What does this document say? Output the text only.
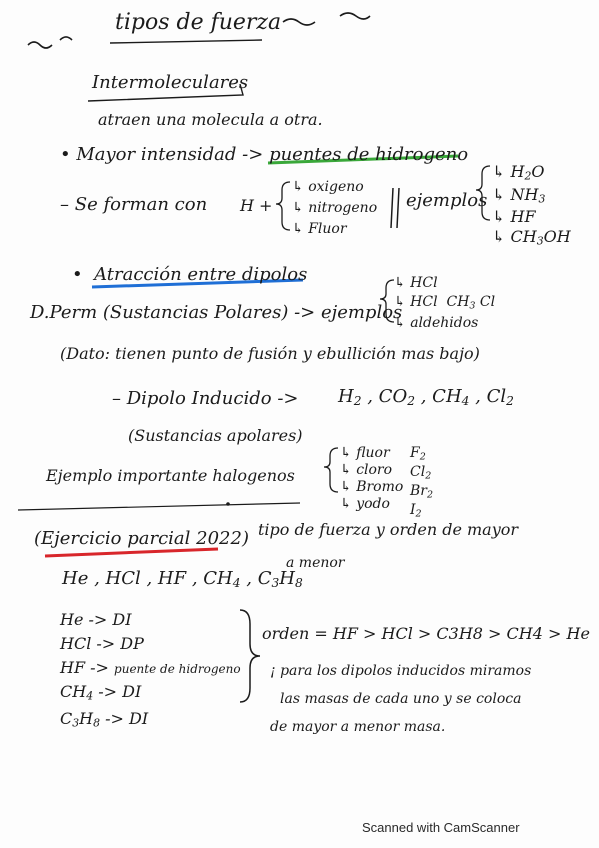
tipos de fuerza
Intermoleculares
atraen una molecula a otra.
• Mayor intensidad -> puentes de hidrogeno
– Se forman con H +
↳ oxigeno
↳ nitrogeno
↳ Fluor
ejemplos
↳ $H_2O$
↳ $NH_3$
↳ HF
↳ $CH_3OH$
•  Atracción entre dipolos
D.Perm (Sustancias Polares) -> ejemplos
↳ HCl
↳ HCl  $CH_3$ Cl
↳ aldehidos
(Dato: tienen punto de fusión y ebullición mas bajo)
– Dipolo Inducido -> $H_2$ , $CO_2$ , $CH_4$ , $Cl_2$
(Sustancias apolares)
Ejemplo importante halogenos
↳ fluor
↳ cloro
↳ Bromo
↳ yodo
$F_2$
$Cl_2$
$Br_2$
$I_2$
(Ejercicio parcial 2022) tipo de fuerza y orden de mayor
a menor
He , HCl , HF , $CH_4$ , $C_3H_8$
He -> DI
HCl -> DP
HF -> puente de hidrogeno
$CH_4$ -> DI
$C_3H_8$ -> DI
orden = HF > HCl > C3H8 > CH4 > He
¡ para los dipolos inducidos miramos
las masas de cada uno y se coloca
de mayor a menor masa.
Scanned with CamScanner
